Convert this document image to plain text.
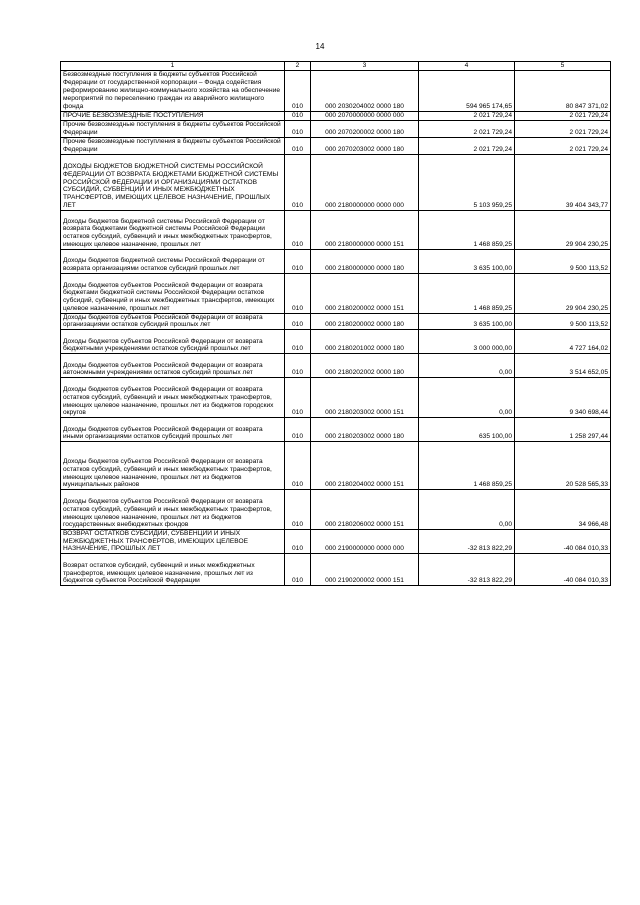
14
1	2	3	4	5
Безвозмездные поступления в бюджеты субъектов Российской Федерации от государственной корпорации – Фонда содействия реформированию жилищно-коммунального хозяйства на обеспечение мероприятий по переселению граждан из аварийного жилищного фонда	010	000 2030204002 0000 180	594 965 174,65	80 847 371,02
ПРОЧИЕ БЕЗВОЗМЕЗДНЫЕ ПОСТУПЛЕНИЯ	010	000 2070000000 0000 000	2 021 729,24	2 021 729,24
Прочие безвозмездные поступления в бюджеты субъектов Российской Федерации	010	000 2070200002 0000 180	2 021 729,24	2 021 729,24
Прочие безвозмездные поступления в бюджеты субъектов Российской Федерации	010	000 2070203002 0000 180	2 021 729,24	2 021 729,24
ДОХОДЫ БЮДЖЕТОВ БЮДЖЕТНОЙ СИСТЕМЫ РОССИЙСКОЙ ФЕДЕРАЦИИ ОТ ВОЗВРАТА БЮДЖЕТАМИ БЮДЖЕТНОЙ СИСТЕМЫ РОССИЙСКОЙ ФЕДЕРАЦИИ И ОРГАНИЗАЦИЯМИ ОСТАТКОВ СУБСИДИЙ, СУБВЕНЦИЙ И ИНЫХ МЕЖБЮДЖЕТНЫХ ТРАНСФЕРТОВ, ИМЕЮЩИХ ЦЕЛЕВОЕ НАЗНАЧЕНИЕ, ПРОШЛЫХ ЛЕТ	010	000 2180000000 0000 000	5 103 959,25	39 404 343,77
Доходы бюджетов бюджетной системы Российской Федерации от возврата бюджетами бюджетной системы Российской Федерации остатков субсидий, субвенций и иных межбюджетных трансфертов, имеющих целевое назначение, прошлых лет	010	000 2180000000 0000 151	1 468 859,25	29 904 230,25
Доходы бюджетов бюджетной системы Российской Федерации от возврата организациями остатков субсидий прошлых лет	010	000 2180000000 0000 180	3 635 100,00	9 500 113,52
Доходы бюджетов субъектов Российской Федерации от возврата бюджетами бюджетной системы Российской Федерации остатков субсидий, субвенций и иных межбюджетных трансфертов, имеющих целевое назначение, прошлых лет	010	000 2180200002 0000 151	1 468 859,25	29 904 230,25
Доходы бюджетов субъектов Российской Федерации от возврата организациями остатков субсидий прошлых лет	010	000 2180200002 0000 180	3 635 100,00	9 500 113,52
Доходы бюджетов субъектов Российской Федерации от возврата бюджетными учреждениями остатков субсидий прошлых лет	010	000 2180201002 0000 180	3 000 000,00	4 727 164,02
Доходы бюджетов субъектов Российской Федерации от возврата автономными учреждениями остатков субсидий прошлых лет	010	000 2180202002 0000 180	0,00	3 514 652,05
Доходы бюджетов субъектов Российской Федерации от возврата остатков субсидий, субвенций и иных межбюджетных трансфертов, имеющих целевое назначение, прошлых лет из бюджетов городских округов	010	000 2180203002 0000 151	0,00	9 340 698,44
Доходы бюджетов субъектов Российской Федерации от возврата иными организациями остатков субсидий прошлых лет	010	000 2180203002 0000 180	635 100,00	1 258 297,44
Доходы бюджетов субъектов Российской Федерации от возврата остатков субсидий, субвенций и иных межбюджетных трансфертов, имеющих целевое назначение, прошлых лет из бюджетов муниципальных районов	010	000 2180204002 0000 151	1 468 859,25	20 528 565,33
Доходы бюджетов субъектов Российской Федерации от возврата остатков субсидий, субвенций и иных межбюджетных трансфертов, имеющих целевое назначение, прошлых лет из бюджетов государственных внебюджетных фондов	010	000 2180206002 0000 151	0,00	34 966,48
ВОЗВРАТ ОСТАТКОВ СУБСИДИЙ, СУБВЕНЦИЙ И ИНЫХ МЕЖБЮДЖЕТНЫХ ТРАНСФЕРТОВ, ИМЕЮЩИХ ЦЕЛЕВОЕ НАЗНАЧЕНИЕ, ПРОШЛЫХ ЛЕТ	010	000 2190000000 0000 000	-32 813 822,29	-40 084 010,33
Возврат остатков субсидий, субвенций и иных межбюджетных трансфертов, имеющих целевое назначение, прошлых лет из бюджетов субъектов Российской Федерации	010	000 2190200002 0000 151	-32 813 822,29	-40 084 010,33
